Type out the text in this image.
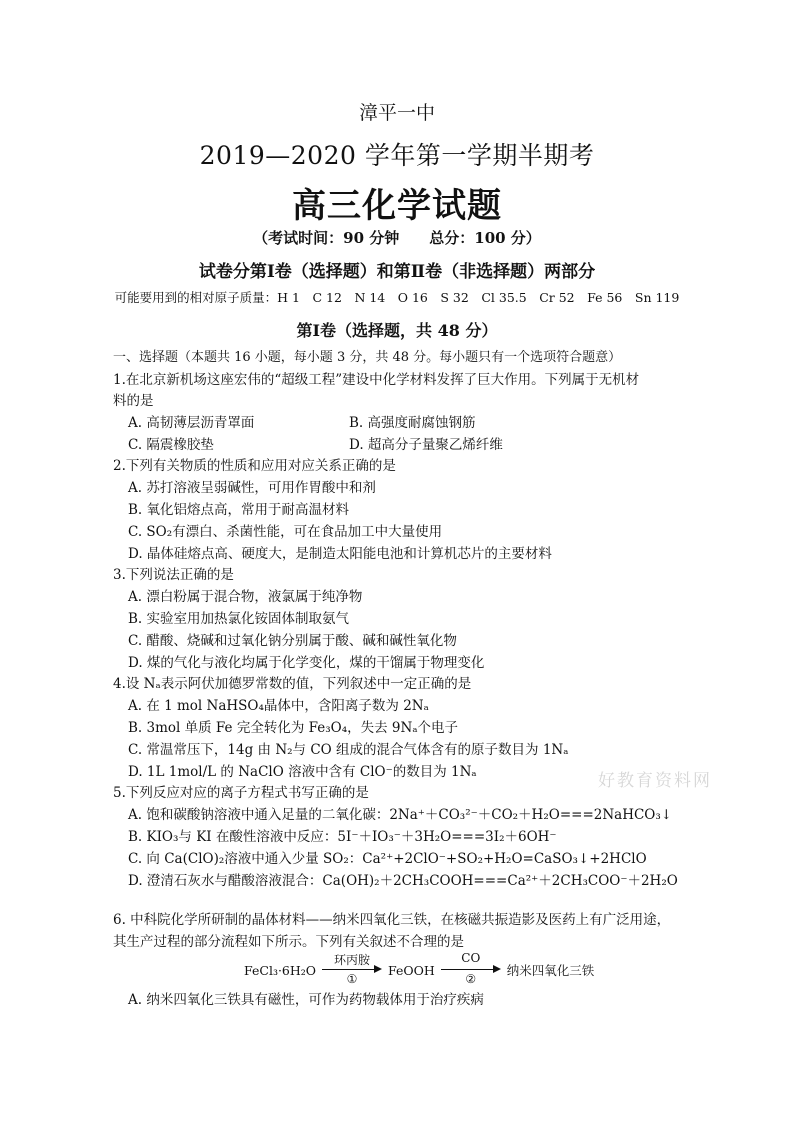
漳平一中
2019—2020 学年第一学期半期考
高三化学试题
（考试时间：90 分钟　　总分：100 分）
试卷分第Ⅰ卷（选择题）和第Ⅱ卷（非选择题）两部分
可能要用到的相对原子质量：H 1　C 12　N 14　O 16　S 32　Cl 35.5　Cr 52　Fe 56　Sn 119
第Ⅰ卷（选择题，共 48 分）
一、选择题（本题共 16 小题，每小题 3 分，共 48 分。每小题只有一个选项符合题意）
1.在北京新机场这座宏伟的“超级工程”建设中化学材料发挥了巨大作用。下列属于无机材
料的是
A. 高韧薄层沥青罩面	B. 高强度耐腐蚀钢筋
C. 隔震橡胶垫	D. 超高分子量聚乙烯纤维
2.下列有关物质的性质和应用对应关系正确的是
A. 苏打溶液呈弱碱性，可用作胃酸中和剂
B. 氧化铝熔点高，常用于耐高温材料
C. SO₂有漂白、杀菌性能，可在食品加工中大量使用
D. 晶体硅熔点高、硬度大，是制造太阳能电池和计算机芯片的主要材料
3.下列说法正确的是
A. 漂白粉属于混合物，液氯属于纯净物
B. 实验室用加热氯化铵固体制取氨气
C. 醋酸、烧碱和过氧化钠分别属于酸、碱和碱性氧化物
D. 煤的气化与液化均属于化学变化，煤的干馏属于物理变化
4.设 Nₐ表示阿伏加德罗常数的值，下列叙述中一定正确的是
A. 在 1 mol NaHSO₄晶体中，含阳离子数为 2Nₐ
B. 3mol 单质 Fe 完全转化为 Fe₃O₄，失去 9Nₐ个电子
C. 常温常压下，14g 由 N₂与 CO 组成的混合气体含有的原子数目为 1Nₐ
D. 1L 1mol/L 的 NaClO 溶液中含有 ClO⁻的数目为 1Nₐ	好教育资料网
5.下列反应对应的离子方程式书写正确的是
A. 饱和碳酸钠溶液中通入足量的二氧化碳：2Na⁺＋CO₃²⁻＋CO₂＋H₂O===2NaHCO₃↓
B. KIO₃与 KI 在酸性溶液中反应：5I⁻＋IO₃⁻＋3H₂O===3I₂＋6OH⁻
C. 向 Ca(ClO)₂溶液中通入少量 SO₂：Ca²⁺+2ClO⁻+SO₂+H₂O=CaSO₃↓+2HClO
D. 澄清石灰水与醋酸溶液混合：Ca(OH)₂＋2CH₃COOH===Ca²⁺＋2CH₃COO⁻＋2H₂O
6. 中科院化学所研制的晶体材料——纳米四氧化三铁，在核磁共振造影及医药上有广泛用途，
其生产过程的部分流程如下所示。下列有关叙述不合理的是
FeCl₃·6H₂O
环丙胺
①
FeOOH
CO
②
纳米四氧化三铁
A. 纳米四氧化三铁具有磁性，可作为药物载体用于治疗疾病
